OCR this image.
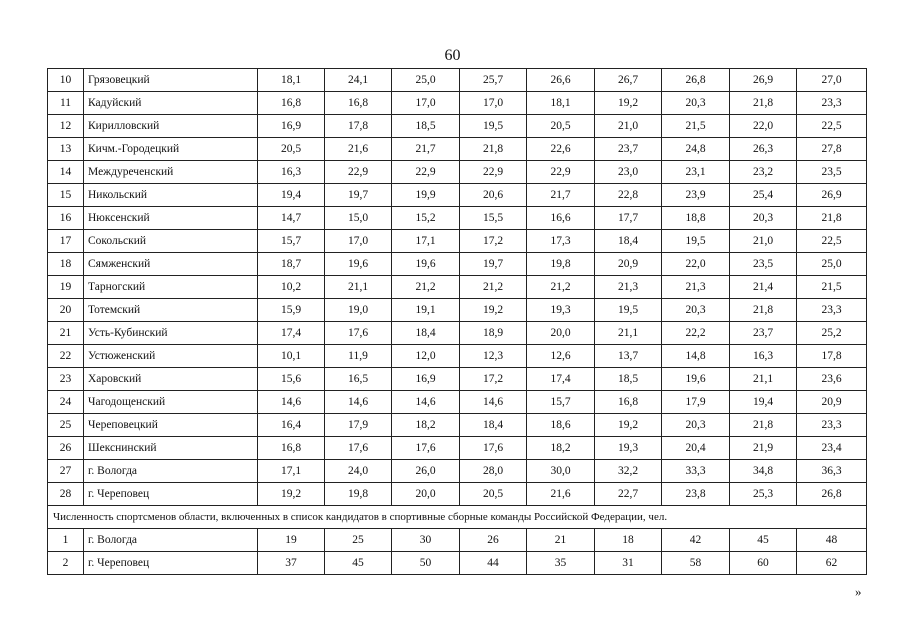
60
10	Грязовецкий	18,1	24,1	25,0	25,7	26,6	26,7	26,8	26,9	27,0
11	Кадуйский	16,8	16,8	17,0	17,0	18,1	19,2	20,3	21,8	23,3
12	Кирилловский	16,9	17,8	18,5	19,5	20,5	21,0	21,5	22,0	22,5
13	Кичм.-Городецкий	20,5	21,6	21,7	21,8	22,6	23,7	24,8	26,3	27,8
14	Междуреченский	16,3	22,9	22,9	22,9	22,9	23,0	23,1	23,2	23,5
15	Никольский	19,4	19,7	19,9	20,6	21,7	22,8	23,9	25,4	26,9
16	Нюксенский	14,7	15,0	15,2	15,5	16,6	17,7	18,8	20,3	21,8
17	Сокольский	15,7	17,0	17,1	17,2	17,3	18,4	19,5	21,0	22,5
18	Сямженский	18,7	19,6	19,6	19,7	19,8	20,9	22,0	23,5	25,0
19	Тарногский	10,2	21,1	21,2	21,2	21,2	21,3	21,3	21,4	21,5
20	Тотемский	15,9	19,0	19,1	19,2	19,3	19,5	20,3	21,8	23,3
21	Усть-Кубинский	17,4	17,6	18,4	18,9	20,0	21,1	22,2	23,7	25,2
22	Устюженский	10,1	11,9	12,0	12,3	12,6	13,7	14,8	16,3	17,8
23	Харовский	15,6	16,5	16,9	17,2	17,4	18,5	19,6	21,1	23,6
24	Чагодощенский	14,6	14,6	14,6	14,6	15,7	16,8	17,9	19,4	20,9
25	Череповецкий	16,4	17,9	18,2	18,4	18,6	19,2	20,3	21,8	23,3
26	Шекснинский	16,8	17,6	17,6	17,6	18,2	19,3	20,4	21,9	23,4
27	г. Вологда	17,1	24,0	26,0	28,0	30,0	32,2	33,3	34,8	36,3
28	г. Череповец	19,2	19,8	20,0	20,5	21,6	22,7	23,8	25,3	26,8
Численность спортсменов области, включенных в список кандидатов в спортивные сборные команды Российской Федерации, чел.										
1	г. Вологда	19	25	30	26	21	18	42	45	48
2	г. Череповец	37	45	50	44	35	31	58	60	62
»
